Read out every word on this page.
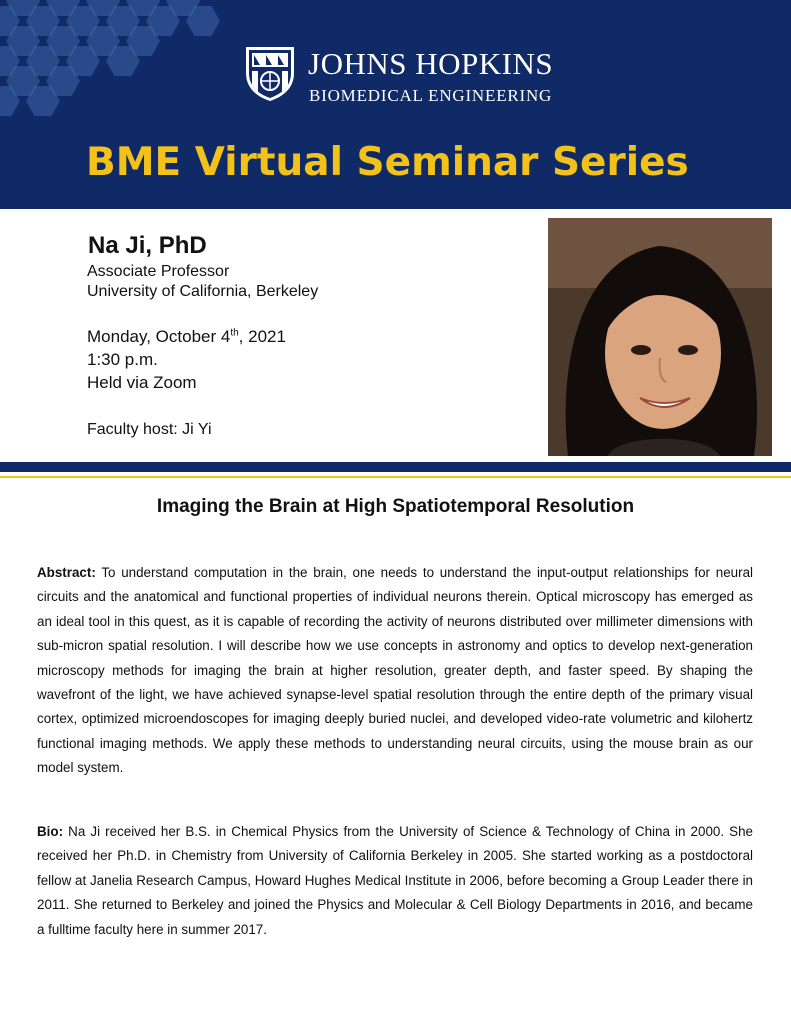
JOHNS HOPKINS
BIOMEDICAL ENGINEERING
BME Virtual Seminar Series
Na Ji, PhD
Associate Professor
University of California, Berkeley
Monday, October 4th, 2021
1:30 p.m.
Held via Zoom
Faculty host: Ji Yi
Imaging the Brain at High Spatiotemporal Resolution

Abstract: To understand computation in the brain, one needs to understand the input-output relationships for neural circuits and the anatomical and functional properties of individual neurons therein. Optical microscopy has emerged as an ideal tool in this quest, as it is capable of recording the activity of neurons distributed over millimeter dimensions with sub-micron spatial resolution. I will describe how we use concepts in astronomy and optics to develop next-generation microscopy methods for imaging the brain at higher resolution, greater depth, and faster speed. By shaping the wavefront of the light, we have achieved synapse-level spatial resolution through the entire depth of the primary visual cortex, optimized microendoscopes for imaging deeply buried nuclei, and developed video-rate volumetric and kilohertz functional imaging methods. We apply these methods to understanding neural circuits, using the mouse brain as our model system.

Bio: Na Ji received her B.S. in Chemical Physics from the University of Science & Technology of China in 2000. She received her Ph.D. in Chemistry from University of California Berkeley in 2005. She started working as a postdoctoral fellow at Janelia Research Campus, Howard Hughes Medical Institute in 2006, before becoming a Group Leader there in 2011. She returned to Berkeley and joined the Physics and Molecular & Cell Biology Departments in 2016, and became a fulltime faculty here in summer 2017.
